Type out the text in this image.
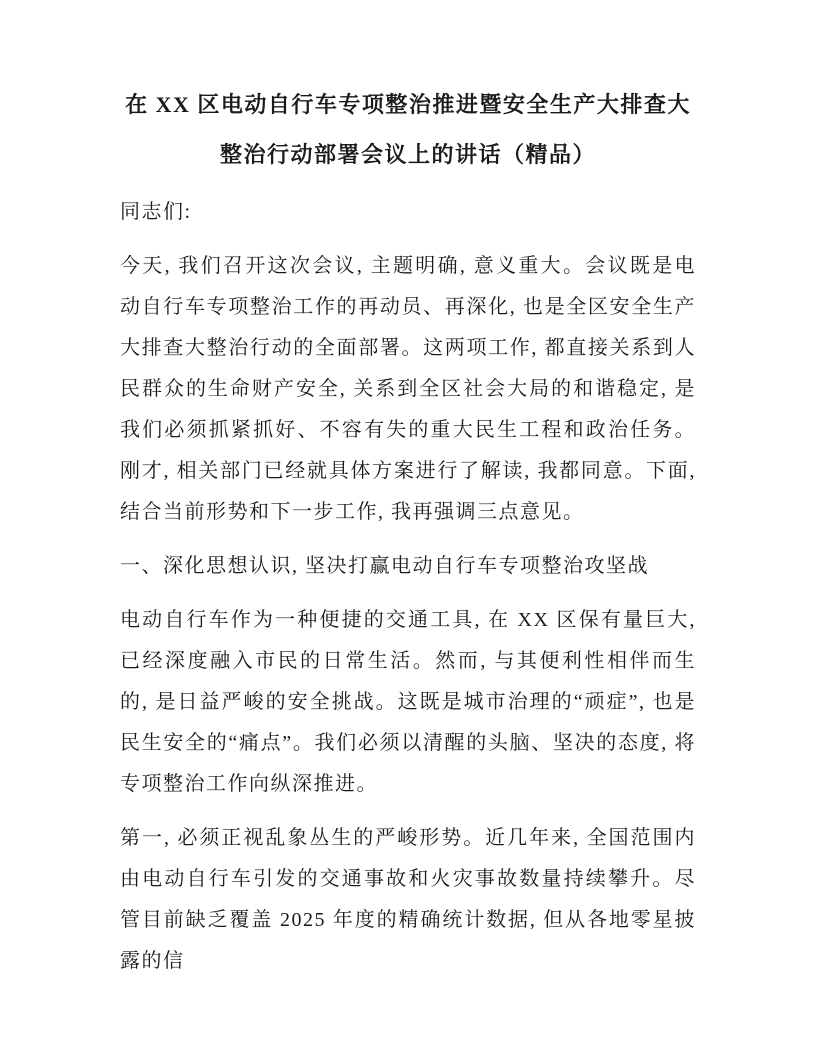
在 XX 区电动自行车专项整治推进暨安全生产大排查大整治行动部署会议上的讲话（精品）

同志们:

今天, 我们召开这次会议, 主题明确, 意义重大。会议既是电动自行车专项整治工作的再动员、再深化, 也是全区安全生产大排查大整治行动的全面部署。这两项工作, 都直接关系到人民群众的生命财产安全, 关系到全区社会大局的和谐稳定, 是我们必须抓紧抓好、不容有失的重大民生工程和政治任务。刚才, 相关部门已经就具体方案进行了解读, 我都同意。下面, 结合当前形势和下一步工作, 我再强调三点意见。

一、深化思想认识, 坚决打赢电动自行车专项整治攻坚战

电动自行车作为一种便捷的交通工具, 在 XX 区保有量巨大, 已经深度融入市民的日常生活。然而, 与其便利性相伴而生的, 是日益严峻的安全挑战。这既是城市治理的“顽症”, 也是民生安全的“痛点”。我们必须以清醒的头脑、坚决的态度, 将专项整治工作向纵深推进。

第一, 必须正视乱象丛生的严峻形势。近几年来, 全国范围内由电动自行车引发的交通事故和火灾事故数量持续攀升。尽管目前缺乏覆盖 2025 年度的精确统计数据, 但从各地零星披露的信
